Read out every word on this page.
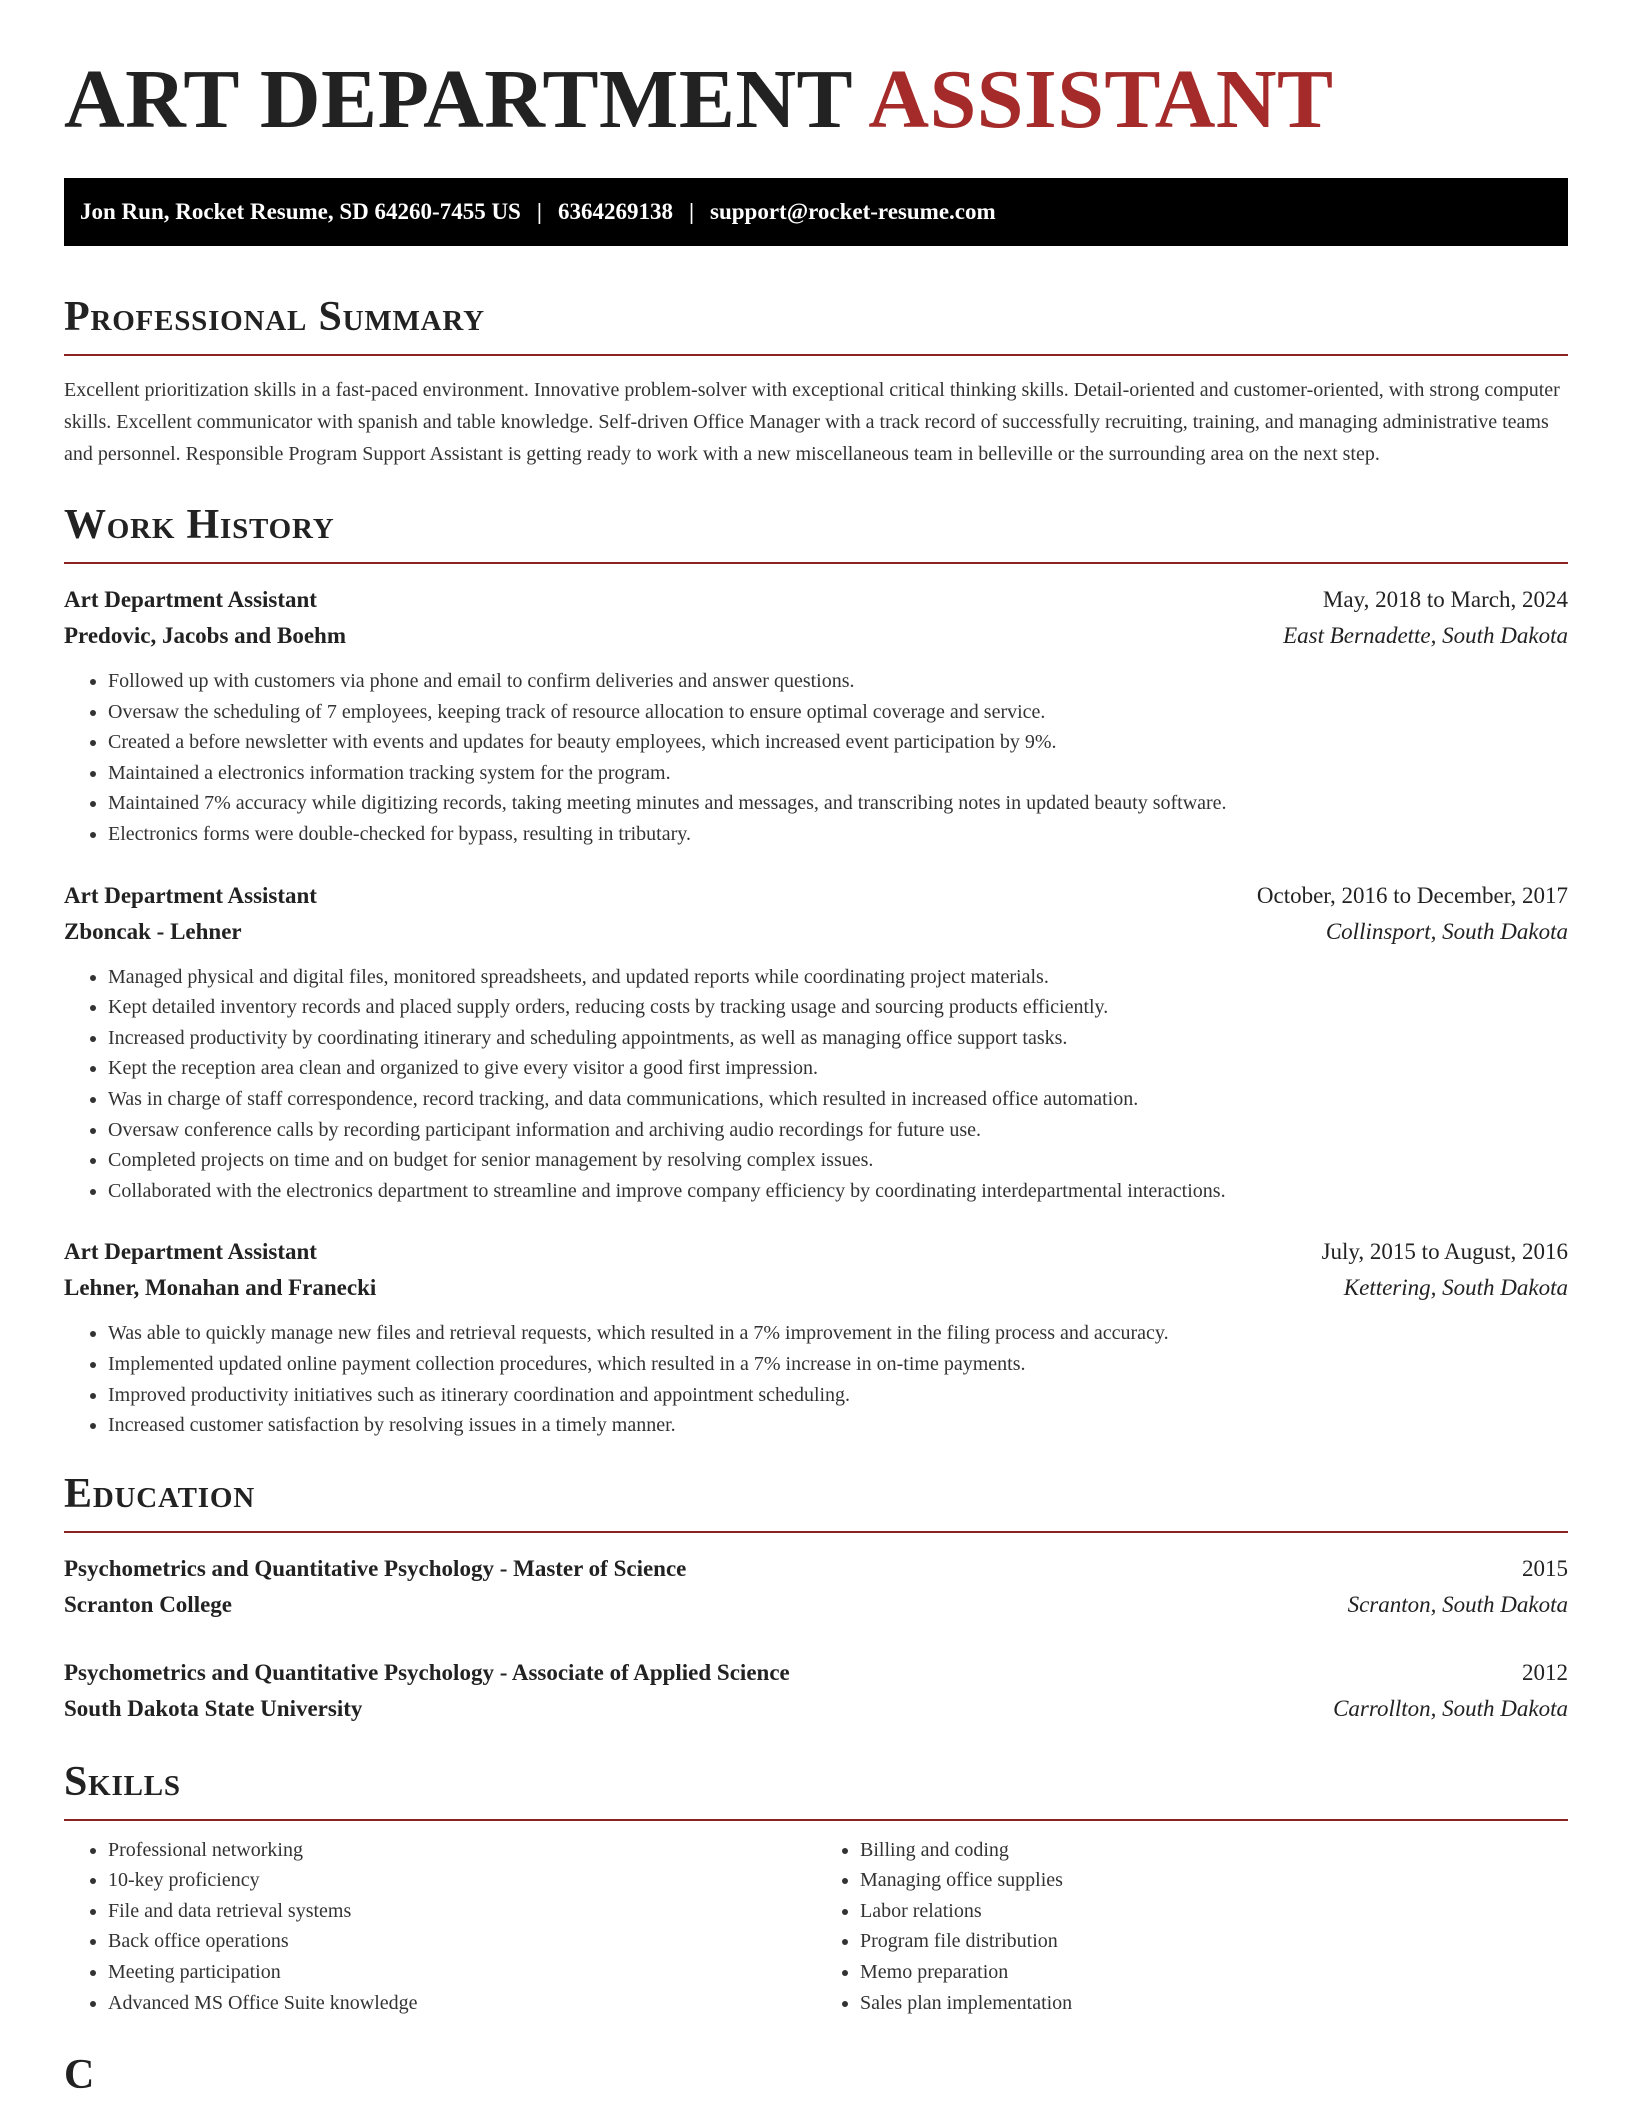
ART DEPARTMENT ASSISTANT
Jon Run, Rocket Resume, SD 64260-7455 US | 6364269138 | support@rocket-resume.com
Professional Summary

Excellent prioritization skills in a fast-paced environment. Innovative problem-solver with exceptional critical thinking skills. Detail-oriented and customer-oriented, with strong computer skills. Excellent communicator with spanish and table knowledge. Self-driven Office Manager with a track record of successfully recruiting, training, and managing administrative teams and personnel. Responsible Program Support Assistant is getting ready to work with a new miscellaneous team in belleville or the surrounding area on the next step.

Work History
Art Department Assistant	May, 2018 to March, 2024
Predovic, Jacobs and Boehm	East Bernadette, South Dakota
• Followed up with customers via phone and email to confirm deliveries and answer questions.
• Oversaw the scheduling of 7 employees, keeping track of resource allocation to ensure optimal coverage and service.
• Created a before newsletter with events and updates for beauty employees, which increased event participation by 9%.
• Maintained a electronics information tracking system for the program.
• Maintained 7% accuracy while digitizing records, taking meeting minutes and messages, and transcribing notes in updated beauty software.
• Electronics forms were double-checked for bypass, resulting in tributary.
Art Department Assistant	October, 2016 to December, 2017
Zboncak - Lehner	Collinsport, South Dakota
• Managed physical and digital files, monitored spreadsheets, and updated reports while coordinating project materials.
• Kept detailed inventory records and placed supply orders, reducing costs by tracking usage and sourcing products efficiently.
• Increased productivity by coordinating itinerary and scheduling appointments, as well as managing office support tasks.
• Kept the reception area clean and organized to give every visitor a good first impression.
• Was in charge of staff correspondence, record tracking, and data communications, which resulted in increased office automation.
• Oversaw conference calls by recording participant information and archiving audio recordings for future use.
• Completed projects on time and on budget for senior management by resolving complex issues.
• Collaborated with the electronics department to streamline and improve company efficiency by coordinating interdepartmental interactions.
Art Department Assistant	July, 2015 to August, 2016
Lehner, Monahan and Franecki	Kettering, South Dakota
• Was able to quickly manage new files and retrieval requests, which resulted in a 7% improvement in the filing process and accuracy.
• Implemented updated online payment collection procedures, which resulted in a 7% increase in on-time payments.
• Improved productivity initiatives such as itinerary coordination and appointment scheduling.
• Increased customer satisfaction by resolving issues in a timely manner.
Education
Psychometrics and Quantitative Psychology - Master of Science	2015
Scranton College	Scranton, South Dakota
Psychometrics and Quantitative Psychology - Associate of Applied Science	2012
South Dakota State University	Carrollton, South Dakota
Skills
• Professional networking
• 10-key proficiency
• File and data retrieval systems
• Back office operations
• Meeting participation
• Advanced MS Office Suite knowledge
• Billing and coding
• Managing office supplies
• Labor relations
• Program file distribution
• Memo preparation
• Sales plan implementation
C
